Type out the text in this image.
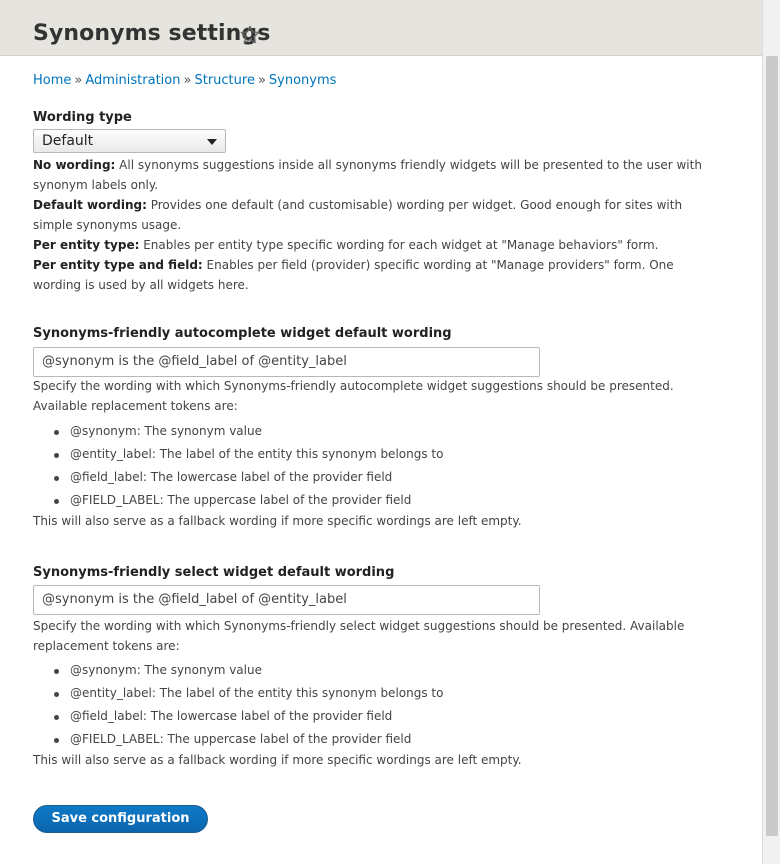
Synonyms settings
Home » Administration » Structure » Synonyms
Wording type
Default
No wording: All synonyms suggestions inside all synonyms friendly widgets will be presented to the user with synonym labels only.
Default wording: Provides one default (and customisable) wording per widget. Good enough for sites with simple synonyms usage.
Per entity type: Enables per entity type specific wording for each widget at "Manage behaviors" form.
Per entity type and field: Enables per field (provider) specific wording at "Manage providers" form. One wording is used by all widgets here.
Synonyms-friendly autocomplete widget default wording
@synonym is the @field_label of @entity_label
Specify the wording with which Synonyms-friendly autocomplete widget suggestions should be presented.
Available replacement tokens are:
@synonym: The synonym value
@entity_label: The label of the entity this synonym belongs to
@field_label: The lowercase label of the provider field
@FIELD_LABEL: The uppercase label of the provider field
This will also serve as a fallback wording if more specific wordings are left empty.
Synonyms-friendly select widget default wording
@synonym is the @field_label of @entity_label
Specify the wording with which Synonyms-friendly select widget suggestions should be presented. Available
replacement tokens are:
@synonym: The synonym value
@entity_label: The label of the entity this synonym belongs to
@field_label: The lowercase label of the provider field
@FIELD_LABEL: The uppercase label of the provider field
This will also serve as a fallback wording if more specific wordings are left empty.
Save configuration
